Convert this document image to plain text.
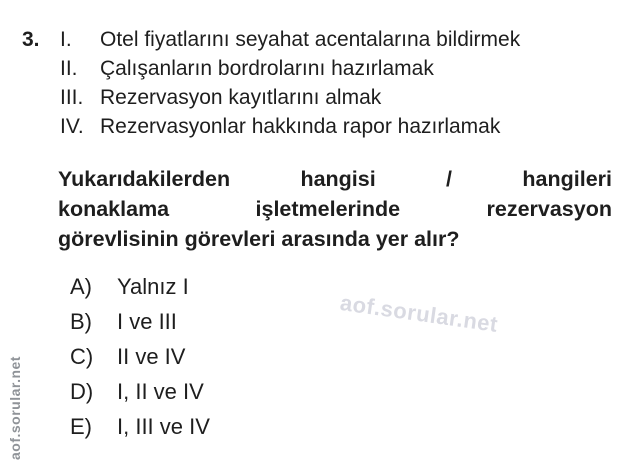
3. I.	Otel fiyatlarını seyahat acentalarına bildirmek
II.	Çalışanların bordrolarını hazırlamak
III. Rezervasyon kayıtlarını almak
IV. Rezervasyonlar hakkında rapor hazırlamak
Yukarıdakilerden hangisi / hangileri
konaklama işletmelerinde rezervasyon
görevlisinin görevleri arasında yer alır?
A)	Yalnız I
B)	I ve III
C)	II ve IV
D)	I, II ve IV
E)	I, III ve IV
aof.sorular.net
aof.sorular.net
